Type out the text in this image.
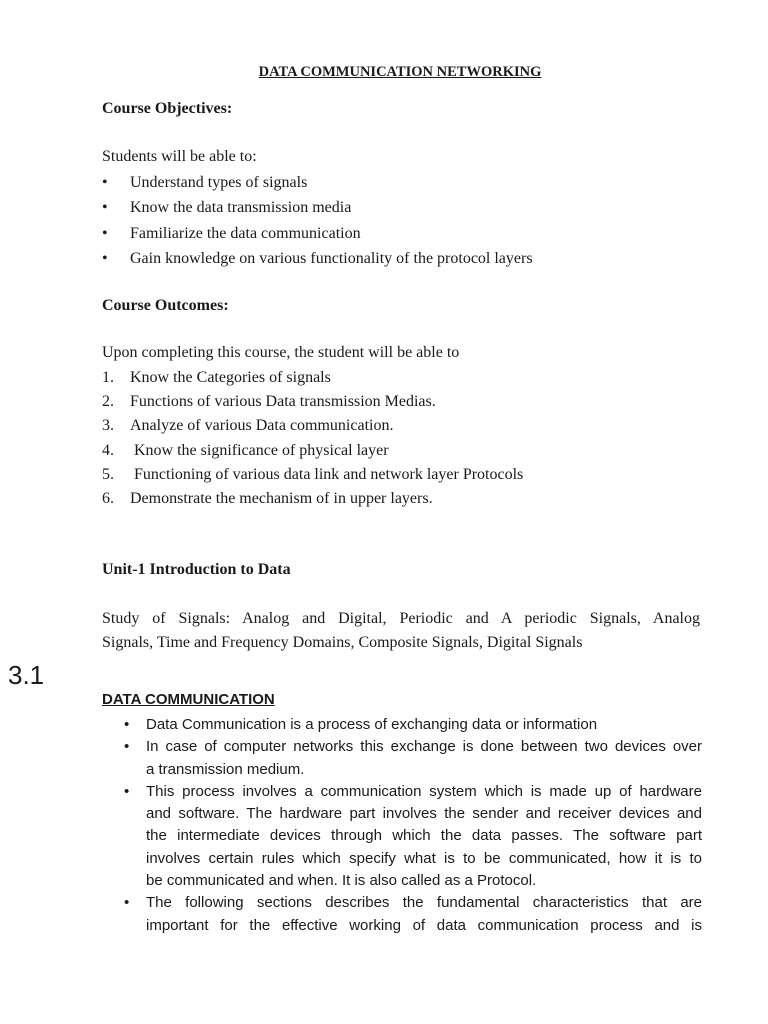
DATA COMMUNICATION NETWORKING
Course Objectives:
Students will be able to:
• Understand types of signals
• Know the data transmission media
• Familiarize the data communication
• Gain knowledge on various functionality of the protocol layers
Course Outcomes:
Upon completing this course, the student will be able to
1. Know the Categories of signals
2. Functions of various Data transmission Medias.
3. Analyze of various Data communication.
4. Know the significance of physical layer
5. Functioning of various data link and network layer Protocols
6. Demonstrate the mechanism of in upper layers.
Unit-1 Introduction to Data
Study of Signals: Analog and Digital, Periodic and A periodic Signals, Analog
Signals, Time and Frequency Domains, Composite Signals, Digital Signals
3.1
DATA COMMUNICATION
• Data Communication is a process of exchanging data or information
• In case of computer networks this exchange is done between two devices over
a transmission medium.
• This process involves a communication system which is made up of hardware
and software. The hardware part involves the sender and receiver devices and
the intermediate devices through which the data passes. The software part
involves certain rules which specify what is to be communicated, how it is to
be communicated and when. It is also called as a Protocol.
• The following sections describes the fundamental characteristics that are
important for the effective working of data communication process and is
